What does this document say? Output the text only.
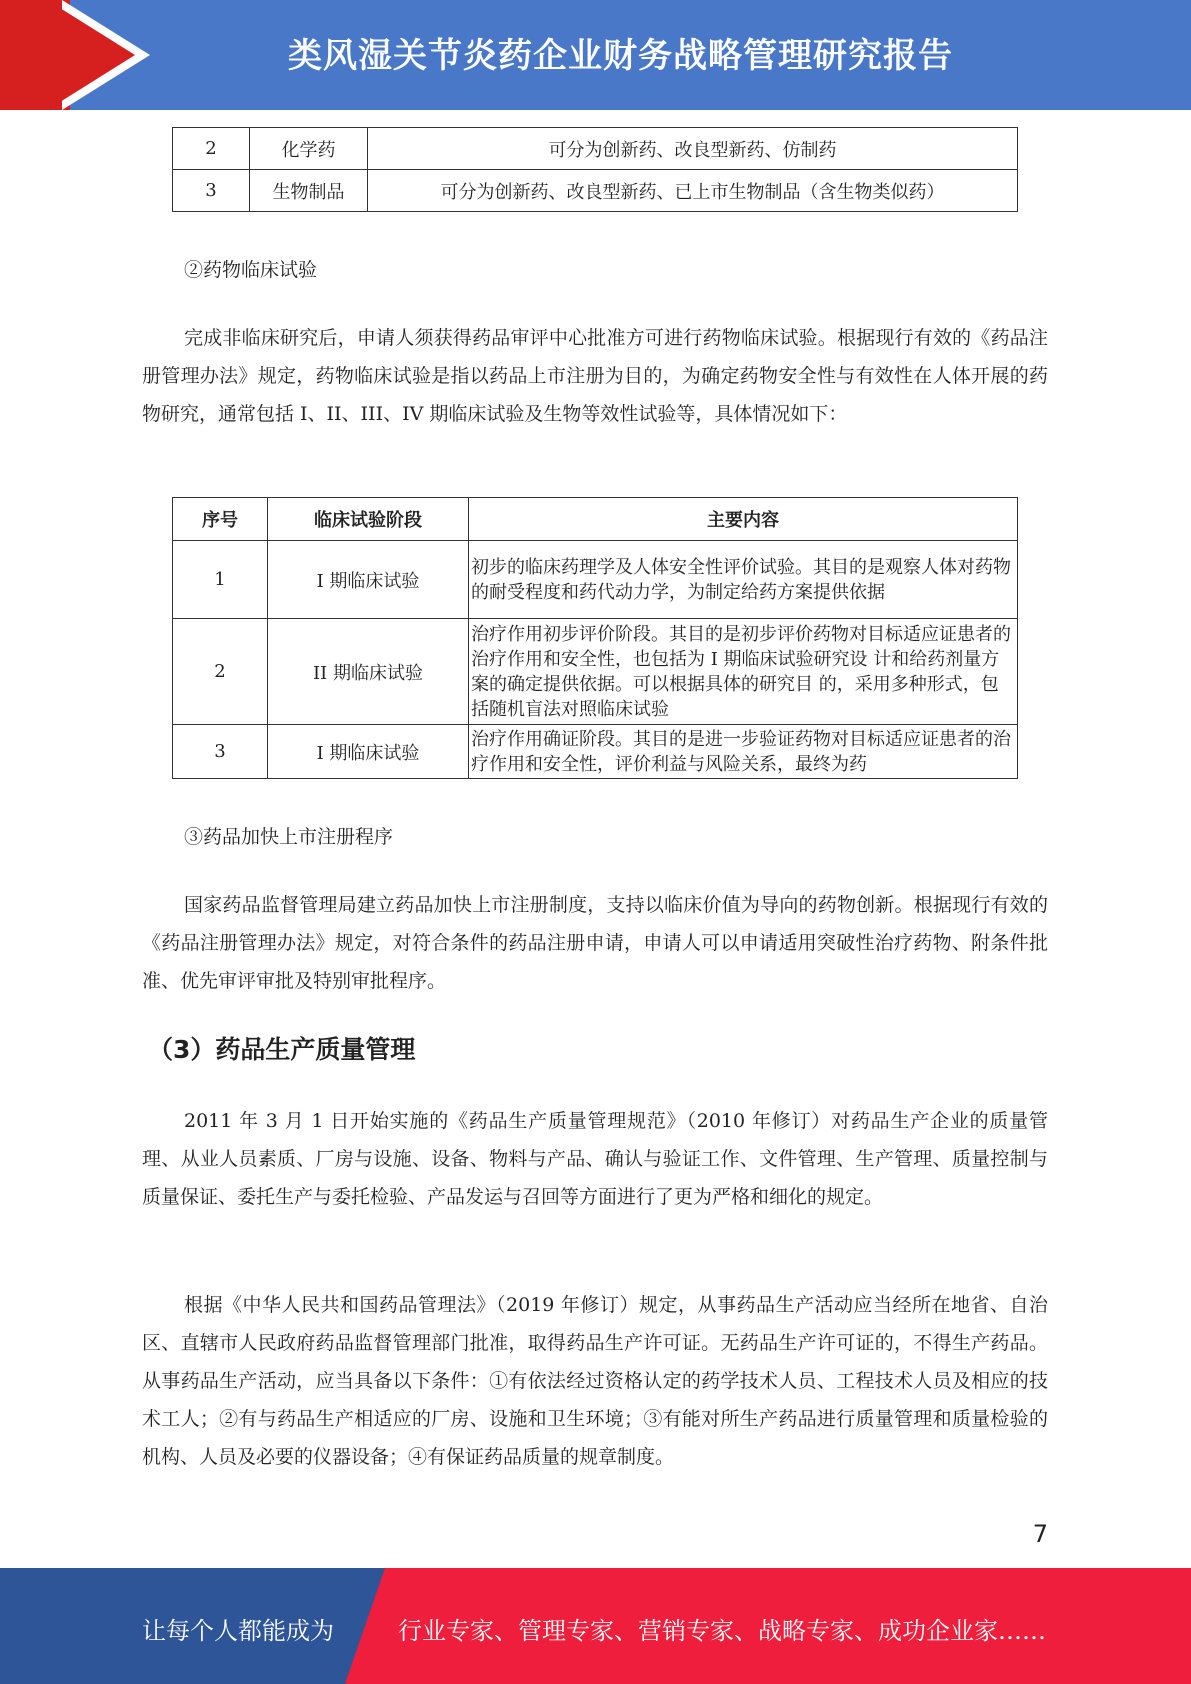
类风湿关节炎药企业财务战略管理研究报告
2	化学药	可分为创新药、改良型新药、仿制药
3	生物制品	可分为创新药、改良型新药、已上市生物制品（含生物类似药）

②药物临床试验

完成非临床研究后，申请人须获得药品审评中心批准方可进行药物临床试验。根据现行有效的《药品注册管理办法》规定，药物临床试验是指以药品上市注册为目的，为确定药物安全性与有效性在人体开展的药物研究，通常包括 I、II、III、IV 期临床试验及生物等效性试验等，具体情况如下：

序号	临床试验阶段	主要内容
1	I 期临床试验	初步的临床药理学及人体安全性评价试验。其目的是观察人体对药物的耐受程度和药代动力学，为制定给药方案提供依据
2	II 期临床试验	治疗作用初步评价阶段。其目的是初步评价药物对目标适应证患者的治疗作用和安全性，也包括为 I 期临床试验研究设 计和给药剂量方案的确定提供依据。可以根据具体的研究目 的，采用多种形式，包括随机盲法对照临床试验
3	I 期临床试验	治疗作用确证阶段。其目的是进一步验证药物对目标适应证患者的治疗作用和安全性，评价利益与风险关系，最终为药

③药品加快上市注册程序

国家药品监督管理局建立药品加快上市注册制度，支持以临床价值为导向的药物创新。根据现行有效的《药品注册管理办法》规定，对符合条件的药品注册申请，申请人可以申请适用突破性治疗药物、附条件批准、优先审评审批及特别审批程序。

（3）药品生产质量管理

2011 年 3 月 1 日开始实施的《药品生产质量管理规范》（2010 年修订）对药品生产企业的质量管理、从业人员素质、厂房与设施、设备、物料与产品、确认与验证工作、文件管理、生产管理、质量控制与质量保证、委托生产与委托检验、产品发运与召回等方面进行了更为严格和细化的规定。

根据《中华人民共和国药品管理法》（2019 年修订）规定，从事药品生产活动应当经所在地省、自治区、直辖市人民政府药品监督管理部门批准，取得药品生产许可证。无药品生产许可证的，不得生产药品。从事药品生产活动，应当具备以下条件：①有依法经过资格认定的药学技术人员、工程技术人员及相应的技术工人；②有与药品生产相适应的厂房、设施和卫生环境；③有能对所生产药品进行质量管理和质量检验的机构、人员及必要的仪器设备；④有保证药品质量的规章制度。

7
让每个人都能成为	行业专家、管理专家、营销专家、战略专家、成功企业家……
